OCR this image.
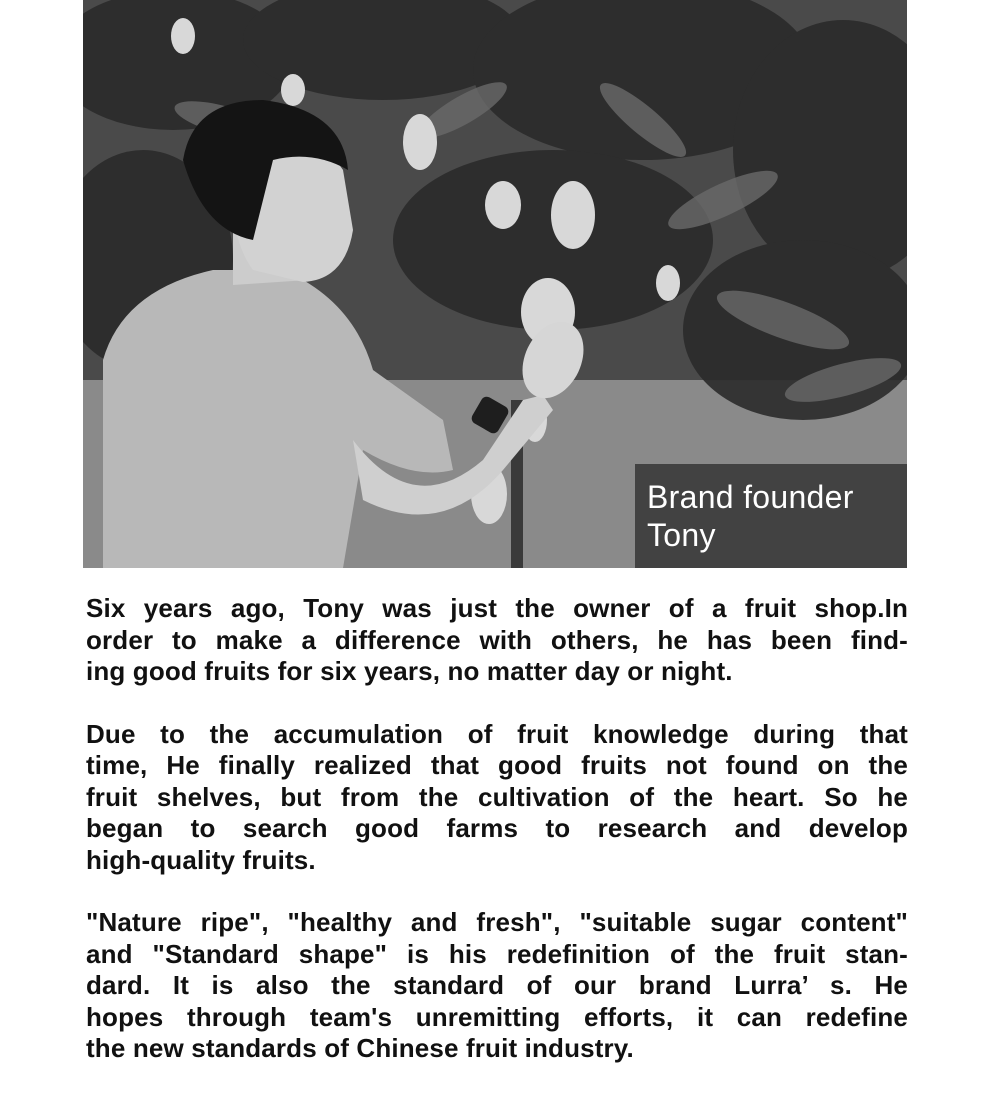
Brand founder
Tony

Six years ago, Tony was just the owner of a fruit shop.In
order to make a difference with others, he has been find-
ing good fruits for six years, no matter day or night.

Due to the accumulation of fruit knowledge during that
time, He finally realized that good fruits not found on the
fruit shelves, but from the cultivation of the heart. So he
began to search good farms to research and develop
high-quality fruits.

"Nature ripe", "healthy and fresh", "suitable sugar content"
and "Standard shape" is his redefinition of the fruit stan-
dard. It is also the standard of our brand Lurra’ s. He
hopes through team's unremitting efforts, it can redefine
the new standards of Chinese fruit industry.
